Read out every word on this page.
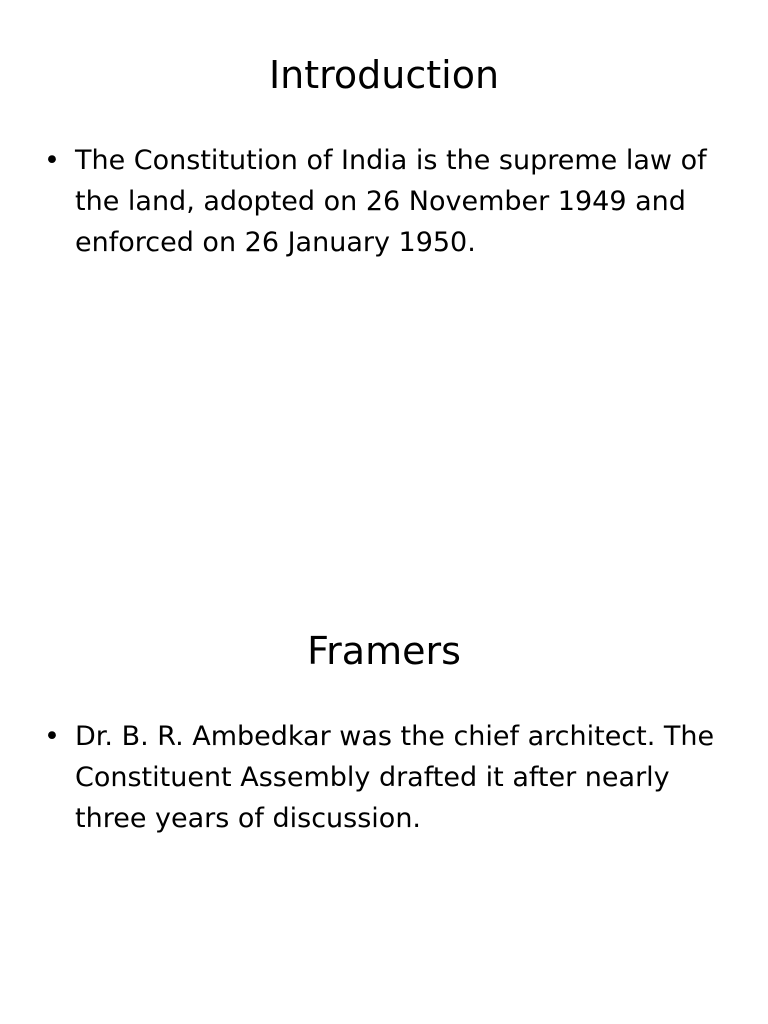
Introduction
• The Constitution of India is the supreme law of the land, adopted on 26 November 1949 and enforced on 26 January 1950.
Framers
• Dr. B. R. Ambedkar was the chief architect. The Constituent Assembly drafted it after nearly three years of discussion.
